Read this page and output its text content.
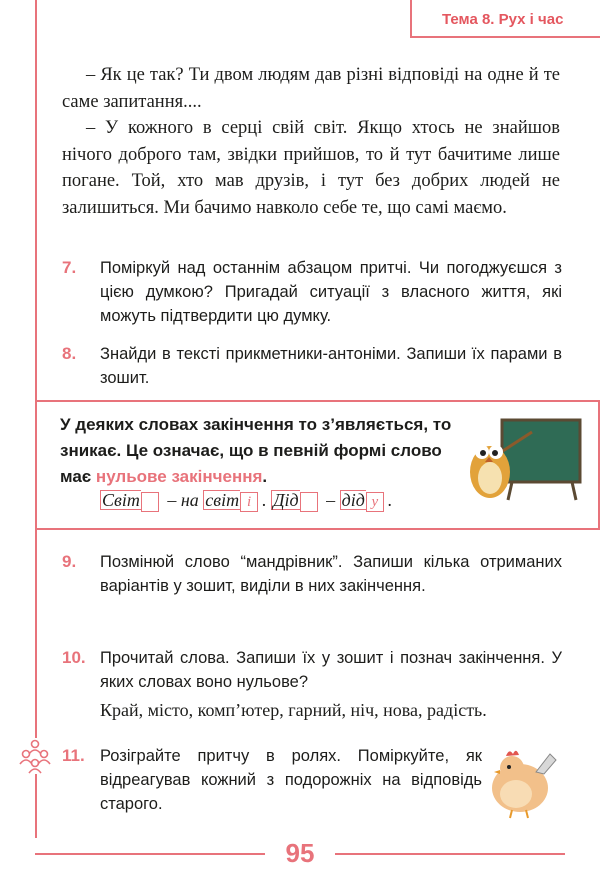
Тема 8. Рух і час

– Як це так? Ти двом людям дав різні відповіді на одне й те саме запитання....

– У кожного в серці свій світ. Якщо хтось не знайшов нічого доброго там, звідки прийшов, то й тут бачитиме лише погане. Той, хто мав друзів, і тут без добрих людей не залишиться. Ми бачимо навколо себе те, що самі маємо.

7. Поміркуй над останнім абзацом притчі. Чи погоджуєшся з цією думкою? Пригадай ситуації з власного життя, які можуть підтвердити цю думку.
8. Знайди в тексті прикметники-антоніми. Запиши їх парами в зошит.
У деяких словах закінчення то з’являється, то зникає. Це означає, що в певній формі слово має нульове закінчення.
Світ – на світ і . Дід – дід у .
9. Позмінюй слово “мандрівник”. Запиши кілька отриманих варіантів у зошит, виділи в них закінчення.
10. Прочитай слова. Запиши їх у зошит і познач закінчення. У яких словах воно нульове?
Край, місто, комп’ютер, гарний, ніч, нова, радість.
11. Розіграйте притчу в ролях. Поміркуйте, як відреагував кожний з подорожніх на відповідь старого.
95
